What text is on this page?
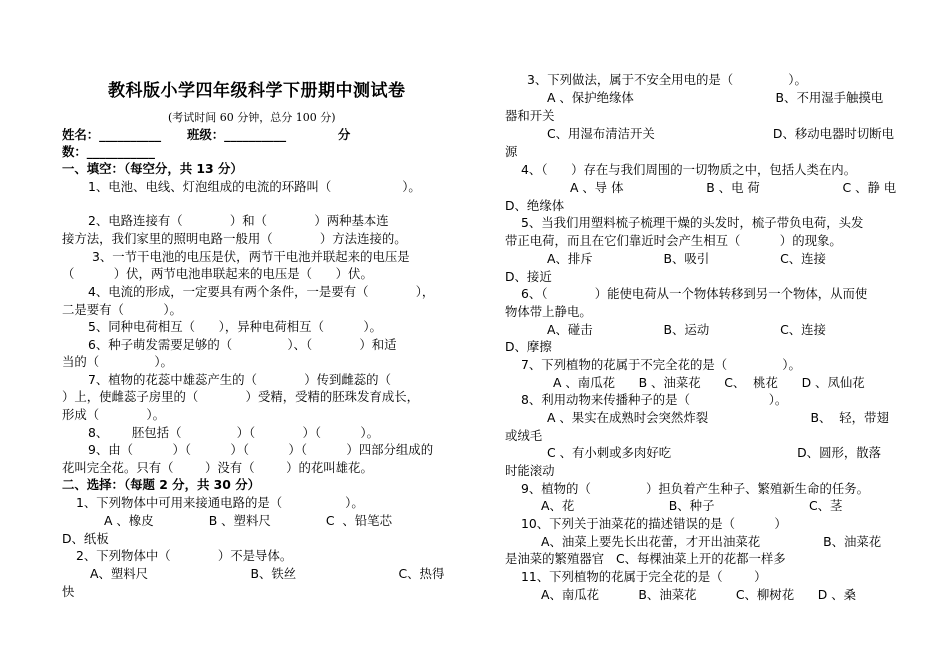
教科版小学四年级科学下册期中测试卷
(考试时间 60 分钟，总分 100 分)
姓名：__________      班级：__________            分
数：___________
一、填空：（每空分，共 13 分）
1、电池、电线、灯泡组成的电流的环路叫（                  ）。
2、电路连接有（            ）和（            ）两种基本连
接方法，我们家里的照明电路一般用（            ）方法连接的。
3、一节干电池的电压是伏，两节干电池并联起来的电压是
（          ）伏，两节电池串联起来的电压是（      ）伏。
4、电流的形成，一定要具有两个条件，一是要有（            ），
二是要有（          ）。
5、同种电荷相互（      ），异种电荷相互（          ）。
6、种子萌发需要足够的（              ）、（            ）和适
当的（              ）。
7、植物的花蕊中雄蕊产生的（            ）传到雌蕊的（
）上，使雌蕊子房里的（            ）受精，受精的胚珠发育成长，
形成（            ）。
8、      胚包括（              ）（            ）（          ）。
9、由（          ）（          ）（          ）（          ）四部分组成的
花叫完全花。只有（        ）没有（        ）的花叫雄花。
二、选择：（每题 2 分，共 30 分）
1、下列物体中可用来接通电路的是（                ）。
A 、橡皮              B 、塑料尺              C  、铅笔芯
D、纸板
2、下列物体中（            ）不是导体。
A、塑料尺                          B、铁丝                          C、热得
快
3、下列做法，属于不安全用电的是（              ）。
A 、保护绝缘体                                    B、不用湿手触摸电
器和开关
C、用湿布清洁开关                              D、移动电器时切断电
源
4、（      ）存在与我们周围的一切物质之中，包括人类在内。
A 、导 体                     B 、电 荷                     C 、静 电
D、绝缘体
5、当我们用塑料梳子梳理干燥的头发时，梳子带负电荷，头发
带正电荷，而且在它们靠近时会产生相互（          ）的现象。
A、排斥                  B、吸引                  C、连接
D、接近
6、（            ）能使电荷从一个物体转移到另一个物体，从而使
物体带上静电。
A、碰击                  B、运动                  C、连接
D、摩擦
7、下列植物的花属于不完全花的是（              ）。
A 、南瓜花      B 、油菜花      C、  桃花      D 、凤仙花
8、利用动物来传播种子的是（                    ）。
A 、果实在成熟时会突然炸裂                          B、  轻，带翅
或绒毛
C 、有小刺或多肉好吃                                D、圆形，散落
时能滚动
9、植物的（              ）担负着产生种子、繁殖新生命的任务。
A、花                        B、种子                        C、茎
10、下列关于油菜花的描述错误的是（          ）
A、油菜上要先长出花蕾，才开出油菜花                B、油菜花
是油菜的繁殖器官   C、每棵油菜上开的花都一样多
11、下列植物的花属于完全花的是（        ）
A、南瓜花          B、油菜花          C、柳树花      D 、桑
